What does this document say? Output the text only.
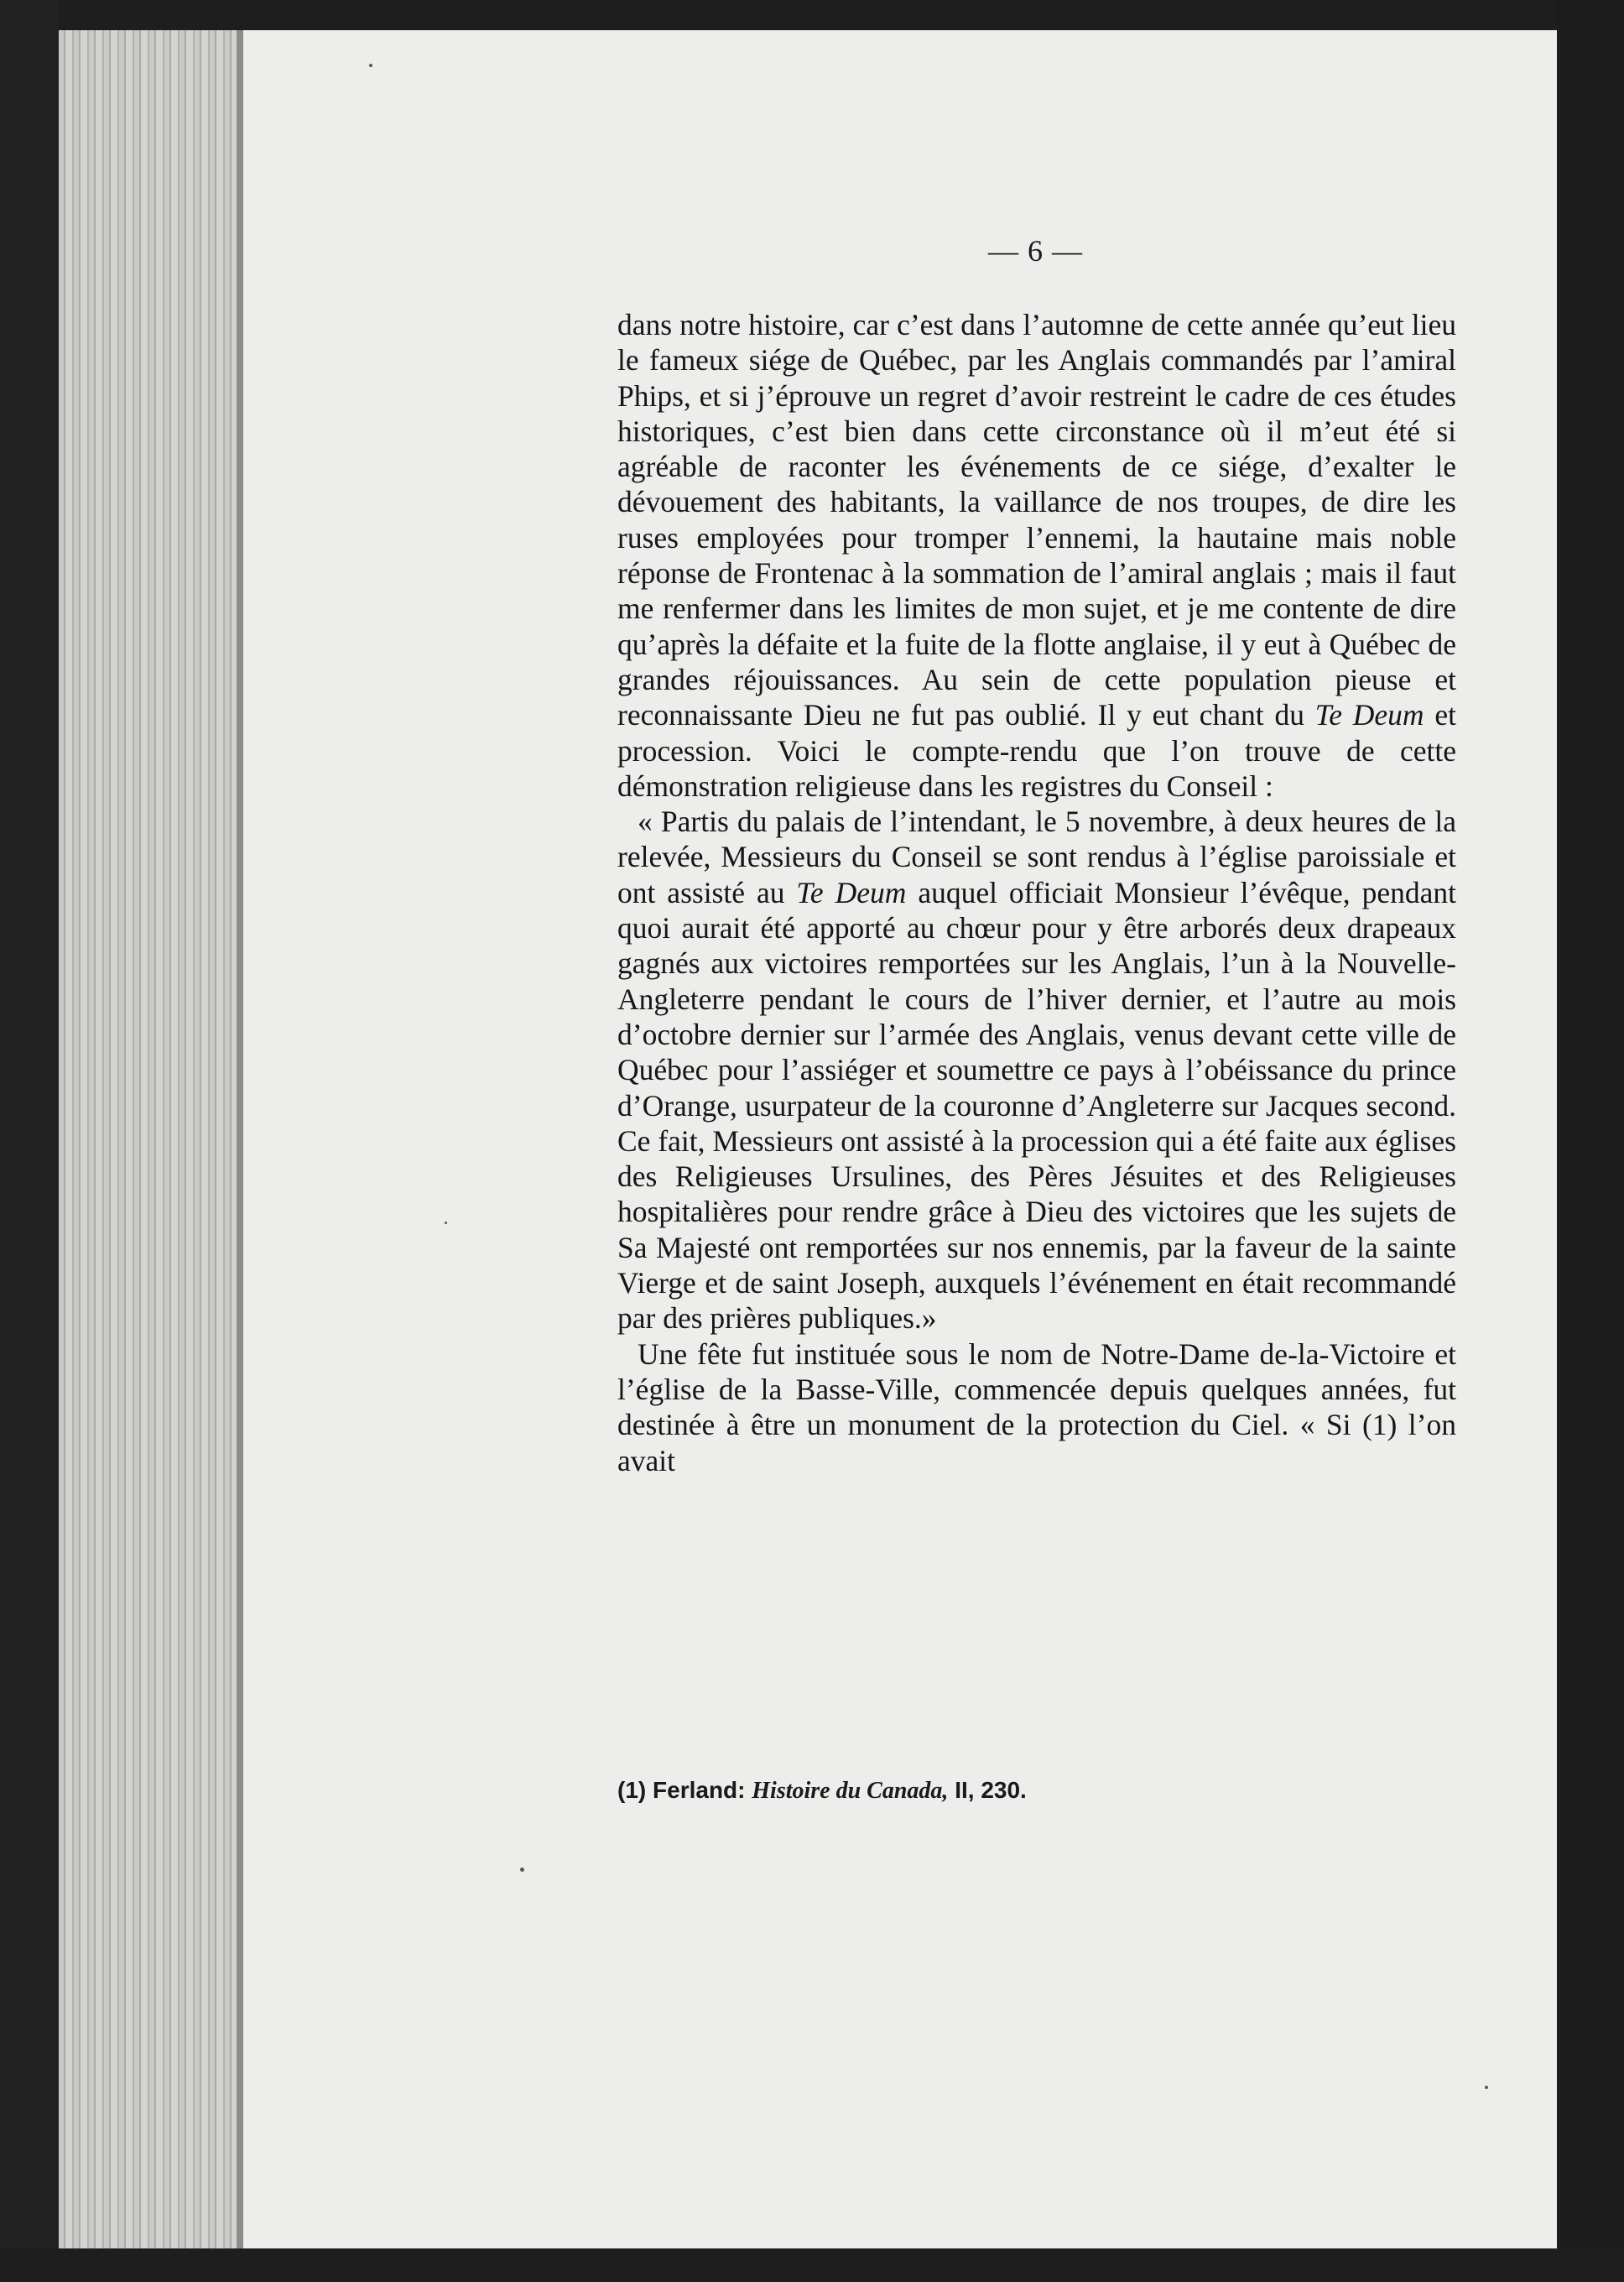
— 6 —

dans notre histoire, car c’est dans l’automne de cette année qu’eut lieu le fameux siége de Québec, par les Anglais commandés par l’amiral Phips, et si j’éprouve un regret d’avoir restreint le cadre de ces études historiques, c’est bien dans cette circonstance où il m’eut été si agréable de raconter les événements de ce siége, d’exalter le dévouement des habitants, la vaillance de nos troupes, de dire les ruses employées pour tromper l’ennemi, la hautaine mais noble réponse de Frontenac à la sommation de l’amiral anglais ; mais il faut me renfermer dans les limites de mon sujet, et je me contente de dire qu’après la défaite et la fuite de la flotte anglaise, il y eut à Québec de grandes réjouissances. Au sein de cette population pieuse et reconnaissante Dieu ne fut pas oublié. Il y eut chant du Te Deum et procession. Voici le compte-rendu que l’on trouve de cette démonstration religieuse dans les registres du Conseil :

« Partis du palais de l’intendant, le 5 novembre, à deux heures de la relevée, Messieurs du Conseil se sont rendus à l’église paroissiale et ont assisté au Te Deum auquel officiait Monsieur l’évêque, pendant quoi aurait été apporté au chœur pour y être arborés deux drapeaux gagnés aux victoires remportées sur les Anglais, l’un à la Nouvelle-Angleterre pendant le cours de l’hiver dernier, et l’autre au mois d’octobre dernier sur l’armée des Anglais, venus devant cette ville de Québec pour l’assiéger et soumettre ce pays à l’obéissance du prince d’Orange, usurpateur de la couronne d’Angleterre sur Jacques second. Ce fait, Messieurs ont assisté à la procession qui a été faite aux églises des Religieuses Ursulines, des Pères Jésuites et des Religieuses hospitalières pour rendre grâce à Dieu des victoires que les sujets de Sa Majesté ont remportées sur nos ennemis, par la faveur de la sainte Vierge et de saint Joseph, auxquels l’événement en était recommandé par des prières publiques.»

Une fête fut instituée sous le nom de Notre-Dame de-la-Victoire et l’église de la Basse-Ville, commencée depuis quelques années, fut destinée à être un monument de la protection du Ciel. « Si (1) l’on avait

(1) Ferland: Histoire du Canada, II, 230.
